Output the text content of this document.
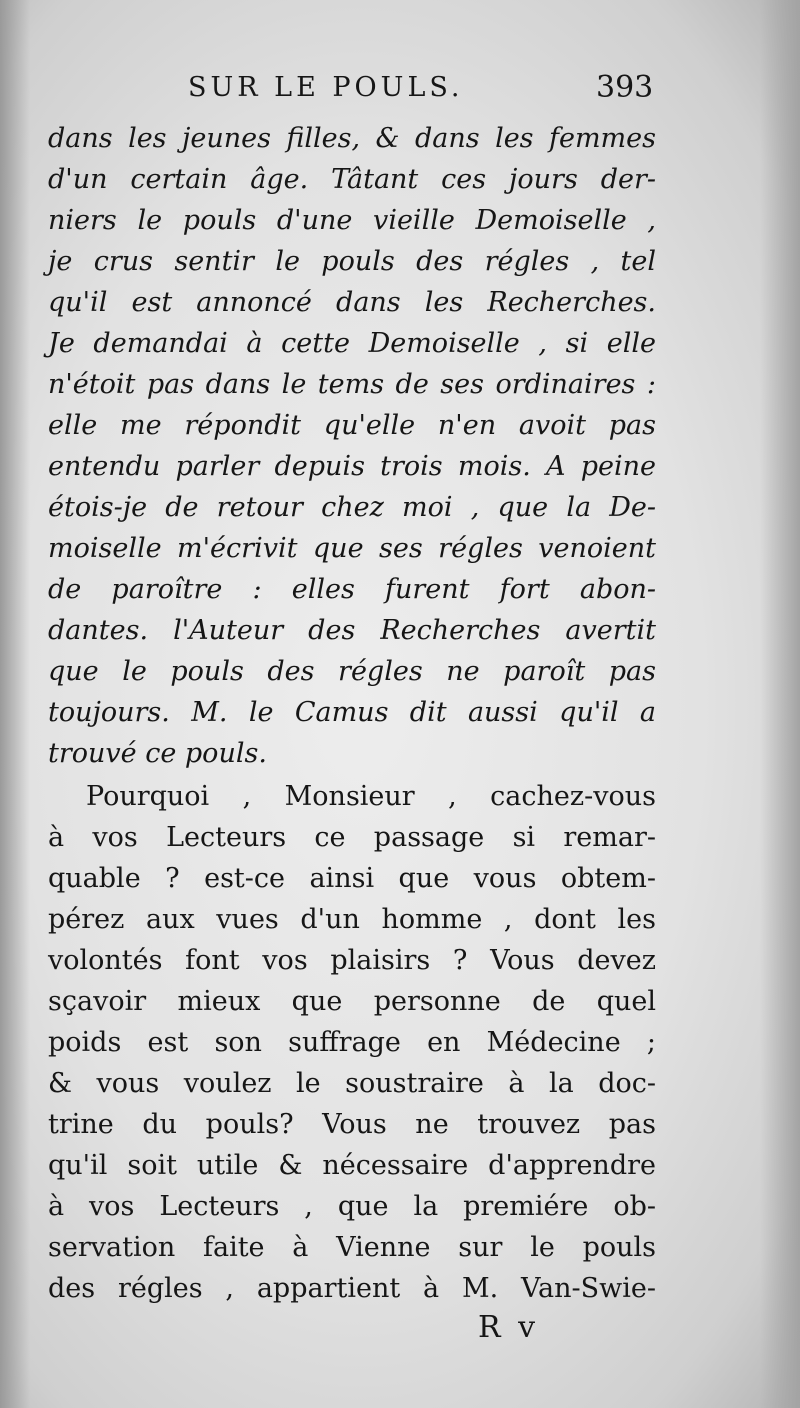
SUR LE POULS.	393
dans les jeunes filles, & dans les femmes
d'un certain âge. Tâtant ces jours der-
niers le pouls d'une vieille Demoiselle ,
je crus sentir le pouls des régles , tel
qu'il est annoncé dans les Recherches.
Je demandai à cette Demoiselle , si elle
n'étoit pas dans le tems de ses ordinaires :
elle me répondit qu'elle n'en avoit pas
entendu parler depuis trois mois. A peine
étois-je de retour chez moi , que la De-
moiselle m'écrivit que ses régles venoient
de paroître : elles furent fort abon-
dantes. l'Auteur des Recherches avertit
que le pouls des régles ne paroît pas
toujours. M. le Camus dit aussi qu'il a
trouvé ce pouls.
Pourquoi , Monsieur , cachez-vous
à vos Lecteurs ce passage si remar-
quable ? est-ce ainsi que vous obtem-
pérez aux vues d'un homme , dont les
volontés font vos plaisirs ? Vous devez
sçavoir mieux que personne de quel
poids est son suffrage en Médecine ;
& vous voulez le soustraire à la doc-
trine du pouls? Vous ne trouvez pas
qu'il soit utile & nécessaire d'apprendre
à vos Lecteurs , que la premiére ob-
servation faite à Vienne sur le pouls
des régles , appartient à M. Van-Swie-
R v
